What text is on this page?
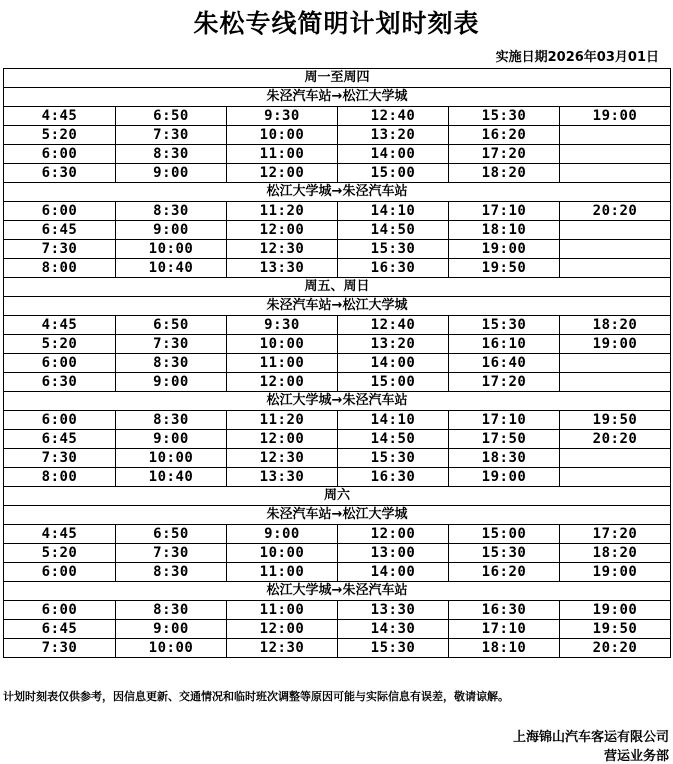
朱松专线简明计划时刻表
实施日期2026年03月01日
周一至周四					
朱泾汽车站→松江大学城					
4:45	6:50	9:30	12:40	15:30	19:00
5:20	7:30	10:00	13:20	16:20	
6:00	8:30	11:00	14:00	17:20	
6:30	9:00	12:00	15:00	18:20	
松江大学城→朱泾汽车站					
6:00	8:30	11:20	14:10	17:10	20:20
6:45	9:00	12:00	14:50	18:10	
7:30	10:00	12:30	15:30	19:00	
8:00	10:40	13:30	16:30	19:50	
周五、周日					
朱泾汽车站→松江大学城					
4:45	6:50	9:30	12:40	15:30	18:20
5:20	7:30	10:00	13:20	16:10	19:00
6:00	8:30	11:00	14:00	16:40	
6:30	9:00	12:00	15:00	17:20	
松江大学城→朱泾汽车站					
6:00	8:30	11:20	14:10	17:10	19:50
6:45	9:00	12:00	14:50	17:50	20:20
7:30	10:00	12:30	15:30	18:30	
8:00	10:40	13:30	16:30	19:00	
周六					
朱泾汽车站→松江大学城					
4:45	6:50	9:00	12:00	15:00	17:20
5:20	7:30	10:00	13:00	15:30	18:20
6:00	8:30	11:00	14:00	16:20	19:00
松江大学城→朱泾汽车站					
6:00	8:30	11:00	13:30	16:30	19:00
6:45	9:00	12:00	14:30	17:10	19:50
7:30	10:00	12:30	15:30	18:10	20:20
计划时刻表仅供参考，因信息更新、交通情况和临时班次调整等原因可能与实际信息有误差，敬请谅解。
上海锦山汽车客运有限公司
营运业务部
